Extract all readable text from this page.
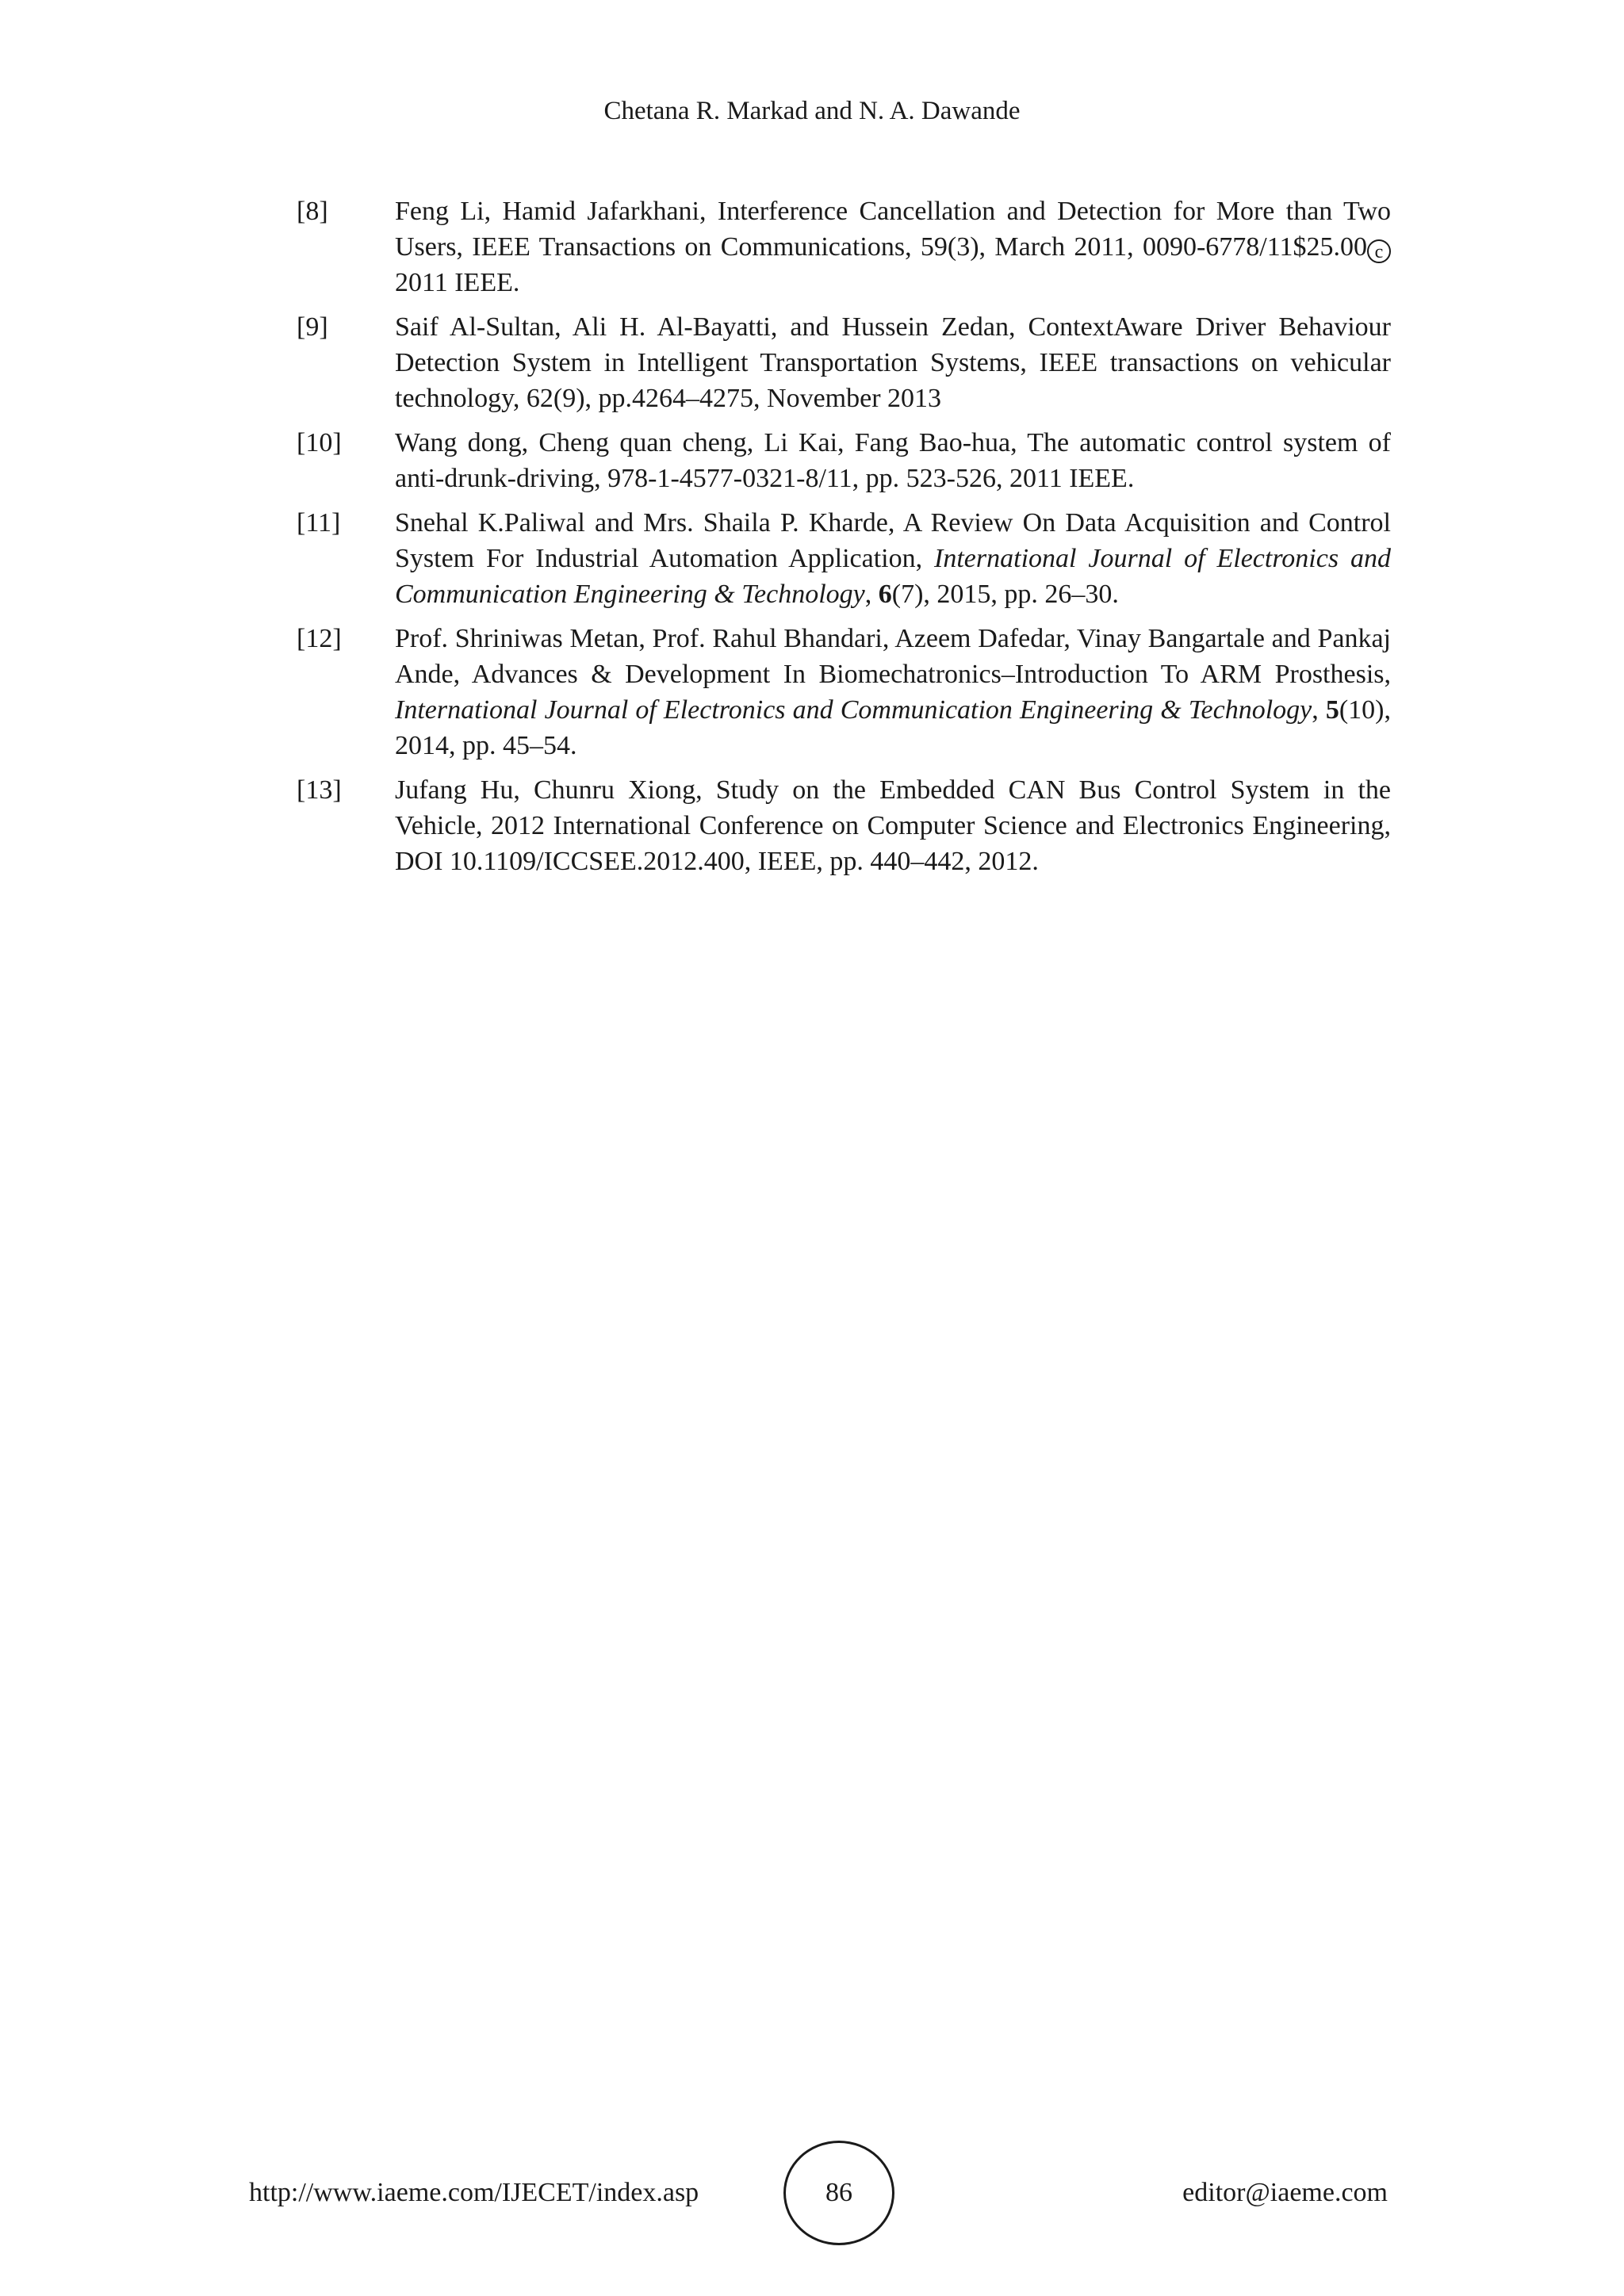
Chetana R. Markad and N. A. Dawande
[8]	Feng Li, Hamid Jafarkhani, Interference Cancellation and Detection for More than Two Users, IEEE Transactions on Communications, 59(3), March 2011, 0090-6778/11$25.00 c2011 IEEE.
[9]	Saif Al-Sultan, Ali H. Al-Bayatti, and Hussein Zedan, ContextAware Driver Behaviour Detection System in Intelligent Transportation Systems, IEEE transactions on vehicular technology, 62(9), pp.4264–4275, November 2013
[10]	Wang dong, Cheng quan cheng, Li Kai, Fang Bao-hua, The automatic control system of anti-drunk-driving, 978-1-4577-0321-8/11, pp. 523-526, 2011 IEEE.
[11]	Snehal K.Paliwal and Mrs. Shaila P. Kharde, A Review On Data Acquisition and Control System For Industrial Automation Application, International Journal of Electronics and Communication Engineering & Technology, 6(7), 2015, pp. 26–30.
[12]	Prof. Shriniwas Metan, Prof. Rahul Bhandari, Azeem Dafedar, Vinay Bangartale and Pankaj Ande, Advances & Development In Biomechatronics–Introduction To ARM Prosthesis, International Journal of Electronics and Communication Engineering & Technology, 5(10), 2014, pp. 45–54.
[13]	Jufang Hu, Chunru Xiong, Study on the Embedded CAN Bus Control System in the Vehicle, 2012 International Conference on Computer Science and Electronics Engineering, DOI 10.1109/ICCSEE.2012.400, IEEE, pp. 440–442, 2012.
http://www.iaeme.com/IJECET/index.asp	86	editor@iaeme.com
